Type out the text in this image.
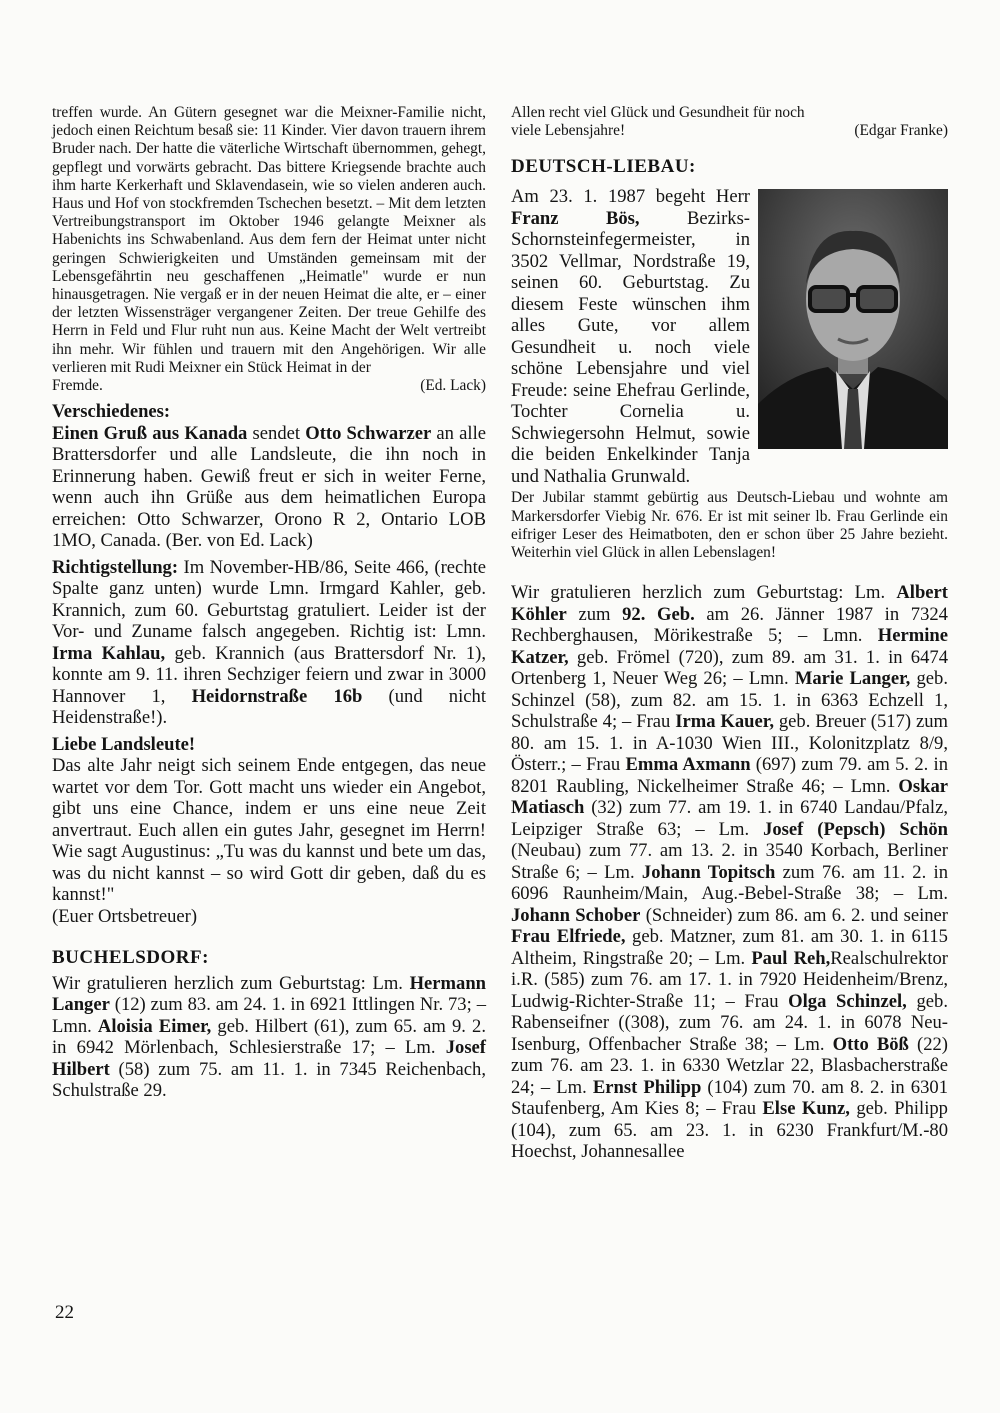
treffen wurde. An Gütern gesegnet war die Meixner-Familie nicht, jedoch einen Reichtum besaß sie: 11 Kinder. Vier davon trauern ihrem Bruder nach. Der hatte die väterliche Wirtschaft übernommen, gehegt, gepflegt und vorwärts gebracht. Das bittere Kriegsende brachte auch ihm harte Kerkerhaft und Sklavendasein, wie so vielen anderen auch. Haus und Hof von stockfremden Tschechen besetzt. – Mit dem letzten Vertreibungstransport im Oktober 1946 gelangte Meixner als Habenichts ins Schwabenland. Aus dem fern der Heimat unter nicht geringen Schwierigkeiten und Umständen gemeinsam mit der Lebensgefährtin neu geschaffenen „Heimatle" wurde er nun hinausgetragen. Nie vergaß er in der neuen Heimat die alte, er – einer der letzten Wissensträger vergangener Zeiten. Der treue Gehilfe des Herrn in Feld und Flur ruht nun aus. Keine Macht der Welt vertreibt ihn mehr. Wir fühlen und trauern mit den Angehörigen. Wir alle verlieren mit Rudi Meixner ein Stück Heimat in der

Fremde.	(Ed. Lack)
Verschiedenes:

Einen Gruß aus Kanada sendet Otto Schwarzer an alle Brattersdorfer und alle Landsleute, die ihn noch in Erinnerung haben. Gewiß freut er sich in weiter Ferne, wenn auch ihn Grüße aus dem heimatlichen Europa erreichen: Otto Schwarzer, Orono R 2, Ontario LOB 1MO, Canada. (Ber. von Ed. Lack)

Richtigstellung: Im November-HB/86, Seite 466, (rechte Spalte ganz unten) wurde Lmn. Irmgard Kahler, geb. Krannich, zum 60. Geburtstag gratuliert. Leider ist der Vor- und Zuname falsch angegeben. Richtig ist: Lmn. Irma Kahlau, geb. Krannich (aus Brattersdorf Nr. 1), konnte am 9. 11. ihren Sechziger feiern und zwar in 3000 Hannover 1, Heidornstraße 16b (und nicht Heidenstraße!).

Liebe Landsleute!

Das alte Jahr neigt sich seinem Ende entgegen, das neue wartet vor dem Tor. Gott macht uns wieder ein Angebot, gibt uns eine Chance, indem er uns eine neue Zeit anvertraut. Euch allen ein gutes Jahr, gesegnet im Herrn! Wie sagt Augustinus: „Tu was du kannst und bete um das, was du nicht kannst – so wird Gott dir geben, daß du es kannst!"

(Euer Ortsbetreuer)

BUCHELSDORF:

Wir gratulieren herzlich zum Geburtstag: Lm. Hermann Langer (12) zum 83. am 24. 1. in 6921 Ittlingen Nr. 73; – Lmn. Aloisia Eimer, geb. Hilbert (61), zum 65. am 9. 2. in 6942 Mörlenbach, Schlesierstraße 17; – Lm. Josef Hilbert (58) zum 75. am 11. 1. in 7345 Reichenbach, Schulstraße 29.

Allen recht viel Glück und Gesundheit für noch

viele Lebensjahre!	(Edgar Franke)
DEUTSCH-LIEBAU:

Am 23. 1. 1987 begeht Herr Franz Bös, Bezirks-Schornsteinfegermeister, in 3502 Vellmar, Nordstraße 19, seinen 60. Geburtstag. Zu diesem Feste wünschen ihm alles Gute, vor allem Gesundheit u. noch viele schöne Lebensjahre und viel Freude: seine Ehefrau Gerlinde, Tochter Cornelia u. Schwiegersohn Helmut, sowie die beiden Enkelkinder Tanja und Nathalia Grunwald.

Der Jubilar stammt gebürtig aus Deutsch-Liebau und wohnte am Markersdorfer Viebig Nr. 676. Er ist mit seiner lb. Frau Gerlinde ein eifriger Leser des Heimatboten, den er schon über 25 Jahre bezieht. Weiterhin viel Glück in allen Lebenslagen!

Wir gratulieren herzlich zum Geburtstag: Lm. Albert Köhler zum 92. Geb. am 26. Jänner 1987 in 7324 Rechberghausen, Mörikestraße 5; – Lmn. Hermine Katzer, geb. Frömel (720), zum 89. am 31. 1. in 6474 Ortenberg 1, Neuer Weg 26; – Lmn. Marie Langer, geb. Schinzel (58), zum 82. am 15. 1. in 6363 Echzell 1, Schulstraße 4; – Frau Irma Kauer, geb. Breuer (517) zum 80. am 15. 1. in A-1030 Wien III., Kolonitzplatz 8/9, Österr.; – Frau Emma Axmann (697) zum 79. am 5. 2. in 8201 Raubling, Nickelheimer Straße 46; – Lmn. Oskar Matiasch (32) zum 77. am 19. 1. in 6740 Landau/Pfalz, Leipziger Straße 63; – Lm. Josef (Pepsch) Schön (Neubau) zum 77. am 13. 2. in 3540 Korbach, Berliner Straße 6; – Lm. Johann Topitsch zum 76. am 11. 2. in 6096 Raunheim/Main, Aug.-Bebel-Straße 38; – Lm. Johann Schober (Schneider) zum 86. am 6. 2. und seiner Frau Elfriede, geb. Matzner, zum 81. am 30. 1. in 6115 Altheim, Ringstraße 20; – Lm. Paul Reh,Realschulrektor i.R. (585) zum 76. am 17. 1. in 7920 Heidenheim/Brenz, Ludwig-Richter-Straße 11; – Frau Olga Schinzel, geb. Rabenseifner ((308), zum 76. am 24. 1. in 6078 Neu-Isenburg, Offenbacher Straße 38; – Lm. Otto Böß (22) zum 76. am 23. 1. in 6330 Wetzlar 22, Blasbacherstraße 24; – Lm. Ernst Philipp (104) zum 70. am 8. 2. in 6301 Staufenberg, Am Kies 8; – Frau Else Kunz, geb. Philipp (104), zum 65. am 23. 1. in 6230 Frankfurt/M.-80 Hoechst, Johannesallee

22
